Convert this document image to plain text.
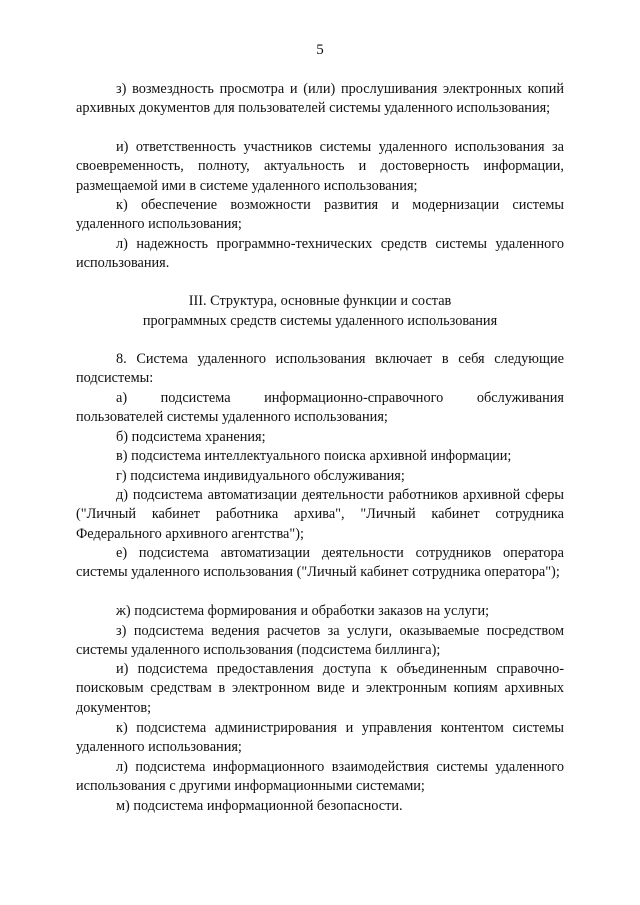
5
з) возмездность просмотра и (или) прослушивания электронных копий архивных документов для пользователей системы удаленного использования;
и) ответственность участников системы удаленного использования за своевременность, полноту, актуальность и достоверность информации, размещаемой ими в системе удаленного использования;
к) обеспечение возможности развития и модернизации системы удаленного использования;
л) надежность программно-технических средств системы удаленного использования.
III. Структура, основные функции и состав
программных средств системы удаленного использования
8. Система удаленного использования включает в себя следующие подсистемы:
а) подсистема информационно-справочного обслуживания пользователей системы удаленного использования;
б) подсистема хранения;
в) подсистема интеллектуального поиска архивной информации;
г) подсистема индивидуального обслуживания;
д) подсистема автоматизации деятельности работников архивной сферы ("Личный кабинет работника архива", "Личный кабинет сотрудника Федерального архивного агентства");
е) подсистема автоматизации деятельности сотрудников оператора системы удаленного использования ("Личный кабинет сотрудника оператора");
ж) подсистема формирования и обработки заказов на услуги;
з) подсистема ведения расчетов за услуги, оказываемые посредством системы удаленного использования (подсистема биллинга);
и) подсистема предоставления доступа к объединенным справочно-поисковым средствам в электронном виде и электронным копиям архивных документов;
к) подсистема администрирования и управления контентом системы удаленного использования;
л) подсистема информационного взаимодействия системы удаленного использования с другими информационными системами;
м) подсистема информационной безопасности.
